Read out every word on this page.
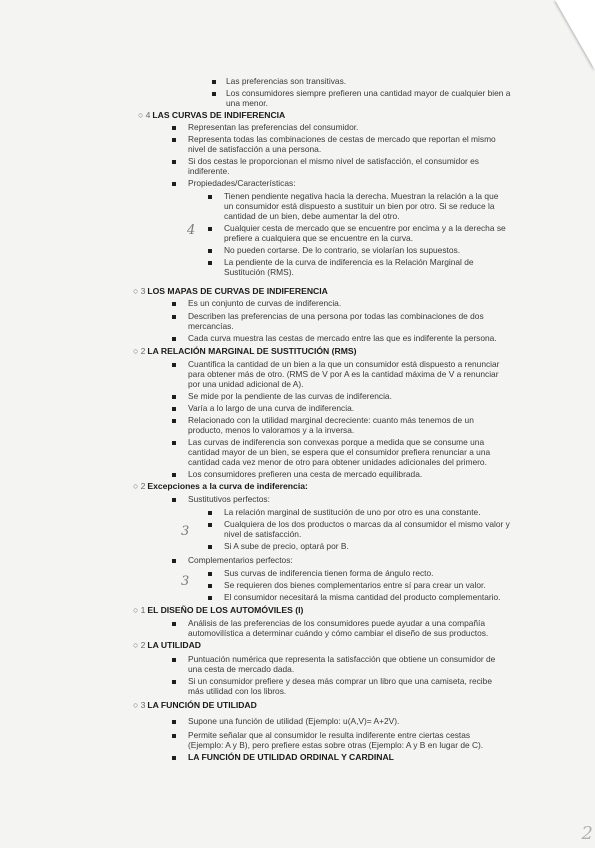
Las preferencias son transitivas.
Los consumidores siempre prefieren una cantidad mayor de cualquier bien a
una menor.
○ 4 LAS CURVAS DE INDIFERENCIA
Representan las preferencias del consumidor.
Representa todas las combinaciones de cestas de mercado que reportan el mismo
nivel de satisfacción a una persona.
Si dos cestas le proporcionan el mismo nivel de satisfacción, el consumidor es
indiferente.
Propiedades/Características:
Tienen pendiente negativa hacia la derecha. Muestran la relación a la que
un consumidor está dispuesto a sustituir un bien por otro. Si se reduce la
cantidad de un bien, debe aumentar la del otro.
4	Cualquier cesta de mercado que se encuentre por encima y a la derecha se
prefiere a cualquiera que se encuentre en la curva.
No pueden cortarse. De lo contrario, se violarían los supuestos.
La pendiente de la curva de indiferencia es la Relación Marginal de
Sustitución (RMS).
○ 3 LOS MAPAS DE CURVAS DE INDIFERENCIA
Es un conjunto de curvas de indiferencia.
Describen las preferencias de una persona por todas las combinaciones de dos
mercancías.
Cada curva muestra las cestas de mercado entre las que es indiferente la persona.
○ 2 LA RELACIÓN MARGINAL DE SUSTITUCIÓN (RMS)
Cuantifica la cantidad de un bien a la que un consumidor está dispuesto a renunciar
para obtener más de otro. (RMS de V por A es la cantidad máxima de V a renunciar
por una unidad adicional de A).
Se mide por la pendiente de las curvas de indiferencia.
Varía a lo largo de una curva de indiferencia.
Relacionado con la utilidad marginal decreciente: cuanto más tenemos de un
producto, menos lo valoramos y a la inversa.
Las curvas de indiferencia son convexas porque a medida que se consume una
cantidad mayor de un bien, se espera que el consumidor prefiera renunciar a una
cantidad cada vez menor de otro para obtener unidades adicionales del primero.
Los consumidores prefieren una cesta de mercado equilibrada.
○ 2 Excepciones a la curva de indiferencia:
Sustitutivos perfectos:
La relación marginal de sustitución de uno por otro es una constante.
3	Cualquiera de los dos productos o marcas da al consumidor el mismo valor y
nivel de satisfacción.
Si A sube de precio, optará por B.
Complementarios perfectos:
3
Sus curvas de indiferencia tienen forma de ángulo recto.
Se requieren dos bienes complementarios entre sí para crear un valor.
El consumidor necesitará la misma cantidad del producto complementario.
○ 1 EL DISEÑO DE LOS AUTOMÓVILES (I)
Análisis de las preferencias de los consumidores puede ayudar a una compañía
automovilística a determinar cuándo y cómo cambiar el diseño de sus productos.
○ 2 LA UTILIDAD
Puntuación numérica que representa la satisfacción que obtiene un consumidor de
una cesta de mercado dada.
Si un consumidor prefiere y desea más comprar un libro que una camiseta, recibe
más utilidad con los libros.
○ 3 LA FUNCIÓN DE UTILIDAD
Supone una función de utilidad (Ejemplo: u(A,V)= A+2V).
Permite señalar que al consumidor le resulta indiferente entre ciertas cestas
(Ejemplo: A y B), pero prefiere estas sobre otras (Ejemplo: A y B en lugar de C).
LA FUNCIÓN DE UTILIDAD ORDINAL Y CARDINAL
2
